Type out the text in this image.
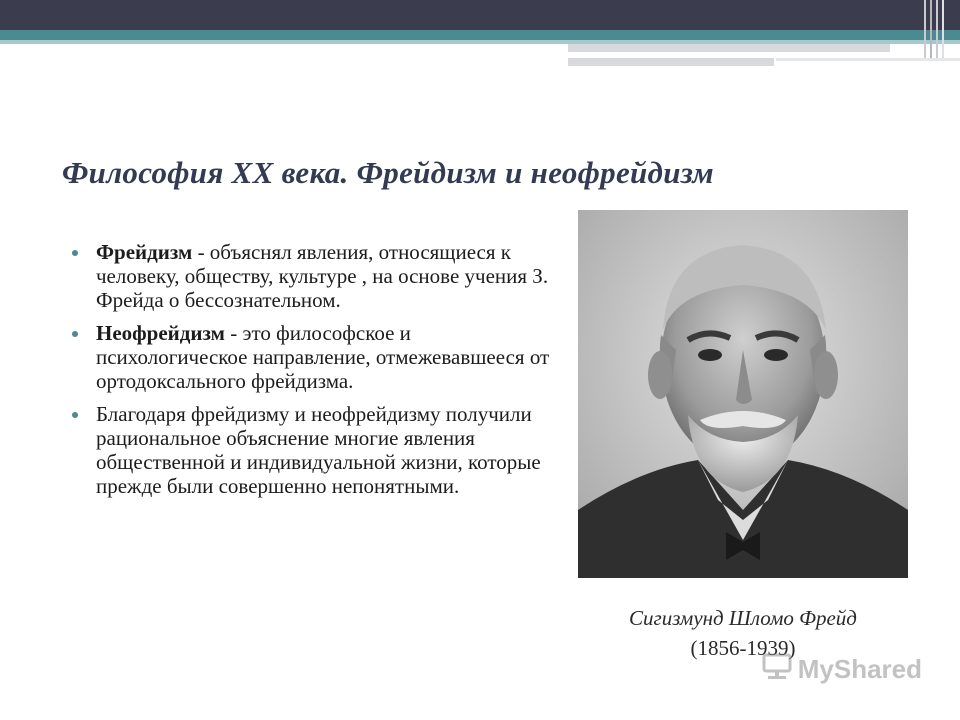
Философия XX века. Фрейдизм и неофрейдизм
Фрейдизм - объяснял явления, относящиеся к человеку, обществу, культуре , на основе учения З. Фрейда о бессознательном.
Неофрейдизм - это философское и психологическое направление, отмежевавшееся от ортодоксального фрейдизма.
Благодаря фрейдизму и неофрейдизму получили рациональное объяснение многие явления общественной и индивидуальной жизни, которые прежде были совершенно непонятными.
Сигизмунд Шломо Фрейд
(1856-1939)
MyShared
